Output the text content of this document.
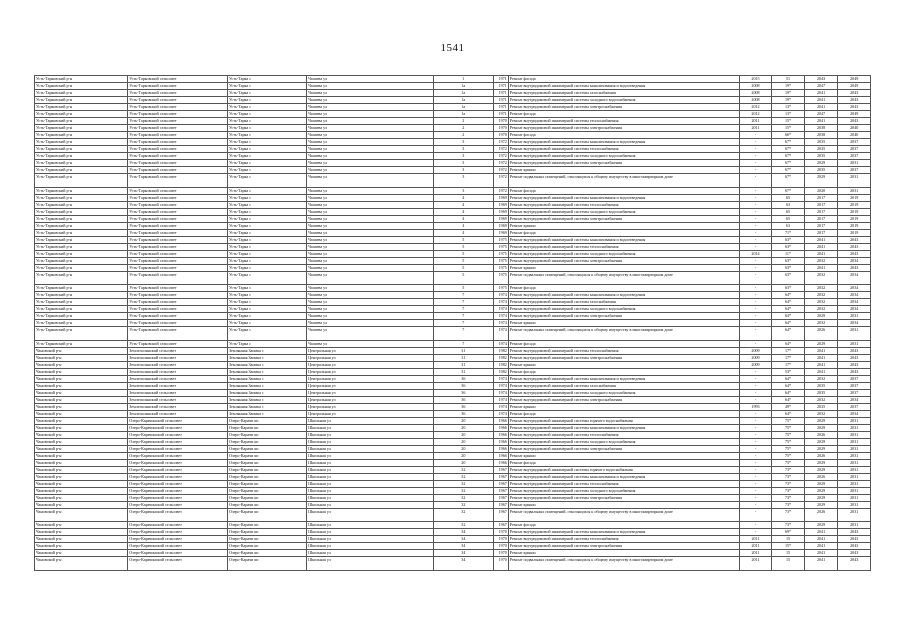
1541
Усть-Тарковский р-н	Усть-Тарковский сельсовет	Усть-Тарка с	Чапаева ул	1	1971	Ремонт фасада	2015	51	2043	2049
Усть-Тарковский р-н	Усть-Тарковский сельсовет	Усть-Тарка с	Чапаева ул	1а	1971	Ремонт внутридомовой инженерной системы канализования и водоотведения	2008	19*	2047	2049
Усть-Тарковский р-н	Усть-Тарковский сельсовет	Усть-Тарка с	Чапаева ул	1а	1971	Ремонт внутридомовой инженерной системы газоснабжения	2008	19*	2041	2043
Усть-Тарковский р-н	Усть-Тарковский сельсовет	Усть-Тарка с	Чапаева ул	1а	1971	Ремонт внутридомовой инженерной системы холодного водоснабжения	2008	19*	2041	2043
Усть-Тарковский р-н	Усть-Тарковский сельсовет	Усть-Тарка с	Чапаева ул	1а	1971	Ремонт внутридомовой инженерной системы электроснабжения	2012	13*	2041	2043
Усть-Тарковский р-н	Усть-Тарковский сельсовет	Усть-Тарка с	Чапаева ул	1а	1971	Ремонт фасада	2012	13*	2047	2049
Усть-Тарковский р-н	Усть-Тарковский сельсовет	Усть-Тарка с	Чапаева ул	2	1970	Ремонт внутридомовой инженерной системы теплоснабжения	2011	15*	2041	2043
Усть-Тарковский р-н	Усть-Тарковский сельсовет	Усть-Тарка с	Чапаева ул	2	1970	Ремонт внутридомовой инженерной системы электроснабжения	2011	15*	2038	2040
Усть-Тарковский р-н	Усть-Тарковский сельсовет	Усть-Тарка с	Чапаева ул	2	1970	Ремонт фасада	-	66*	2038	2040
Усть-Тарковский р-н	Усть-Тарковский сельсовет	Усть-Тарка с	Чапаева ул	3	1972	Ремонт внутридомовой инженерной системы канализования и водоотведения	-	67*	2035	2037
Усть-Тарковский р-н	Усть-Тарковский сельсовет	Усть-Тарка с	Чапаева ул	3	1972	Ремонт внутридомовой инженерной системы теплоснабжения	-	67*	2035	2037
Усть-Тарковский р-н	Усть-Тарковский сельсовет	Усть-Тарка с	Чапаева ул	3	1972	Ремонт внутридомовой инженерной системы холодного водоснабжения	-	67*	2035	2037
Усть-Тарковский р-н	Усть-Тарковский сельсовет	Усть-Тарка с	Чапаева ул	3	1972	Ремонт внутридомовой инженерной системы электроснабжения	-	67*	2029	2031
Усть-Тарковский р-н	Усть-Тарковский сельсовет	Усть-Тарка с	Чапаева ул	3	1972	Ремонт крыши	-	67*	2035	2037
Усть-Тарковский р-н	Усть-Тарковский сельсовет	Усть-Тарка с	Чапаева ул	3	1972	Ремонт подвальных помещений, относящихся к общему имуществу в многоквартирном доме	-	67*	2029	2031
Усть-Тарковский р-н	Усть-Тарковский сельсовет	Усть-Тарка с	Чапаева ул	3	1972	Ремонт фасада	-	67*	2020	2031
Усть-Тарковский р-н	Усть-Тарковский сельсовет	Усть-Тарка с	Чапаева ул	4	1969	Ремонт внутридомовой инженерной системы канализования и водоотведения	-	65	2017	2019
Усть-Тарковский р-н	Усть-Тарковский сельсовет	Усть-Тарка с	Чапаева ул	4	1969	Ремонт внутридомовой инженерной системы теплоснабжения	-	63	2017	2019
Усть-Тарковский р-н	Усть-Тарковский сельсовет	Усть-Тарка с	Чапаева ул	4	1969	Ремонт внутридомовой инженерной системы холодного водоснабжения	-	65	2017	2019
Усть-Тарковский р-н	Усть-Тарковский сельсовет	Усть-Тарка с	Чапаева ул	4	1969	Ремонт внутридомовой инженерной системы электроснабжения	-	65	2017	2019
Усть-Тарковский р-н	Усть-Тарковский сельсовет	Усть-Тарка с	Чапаева ул	4	1969	Ремонт крыши	-	63	2017	2019
Усть-Тарковский р-н	Усть-Тарковский сельсовет	Усть-Тарка с	Чапаева ул	4	1969	Ремонт фасада	-	71*	2017	2019
Усть-Тарковский р-н	Усть-Тарковский сельсовет	Усть-Тарка с	Чапаева ул	5	1975	Ремонт внутридомовой инженерной системы канализования и водоотведения	-	63*	2041	2043
Усть-Тарковский р-н	Усть-Тарковский сельсовет	Усть-Тарка с	Чапаева ул	5	1975	Ремонт внутридомовой инженерной системы теплоснабжения	-	63*	2041	2043
Усть-Тарковский р-н	Усть-Тарковский сельсовет	Усть-Тарка с	Чапаева ул	5	1975	Ремонт внутридомовой инженерной системы холодного водоснабжения	2014	11*	2041	2043
Усть-Тарковский р-н	Усть-Тарковский сельсовет	Усть-Тарка с	Чапаева ул	5	1975	Ремонт внутридомовой инженерной системы электроснабжения	-	63*	2032	2034
Усть-Тарковский р-н	Усть-Тарковский сельсовет	Усть-Тарка с	Чапаева ул	5	1975	Ремонт крыши	-	63*	2041	2043
Усть-Тарковский р-н	Усть-Тарковский сельсовет	Усть-Тарка с	Чапаева ул	5	1975	Ремонт подвальных помещений, относящихся к общему имуществу в многоквартирном доме	-	63*	2032	2034
Усть-Тарковский р-н	Усть-Тарковский сельсовет	Усть-Тарка с	Чапаева ул	5	1975	Ремонт фасада	-	63*	2032	2034
Усть-Тарковский р-н	Усть-Тарковский сельсовет	Усть-Тарка с	Чапаева ул	7	1974	Ремонт внутридомовой инженерной системы канализования и водоотведения	-	64*	2032	2034
Усть-Тарковский р-н	Усть-Тарковский сельсовет	Усть-Тарка с	Чапаева ул	7	1974	Ремонт внутридомовой инженерной системы газоснабжения	-	64*	2032	2034
Усть-Тарковский р-н	Усть-Тарковский сельсовет	Усть-Тарка с	Чапаева ул	7	1974	Ремонт внутридомовой инженерной системы холодного водоснабжения	-	64*	2032	2034
Усть-Тарковский р-н	Усть-Тарковский сельсовет	Усть-Тарка с	Чапаева ул	7	1974	Ремонт внутридомовой инженерной системы электроснабжения	-	64*	2029	2031
Усть-Тарковский р-н	Усть-Тарковский сельсовет	Усть-Тарка с	Чапаева ул	7	1974	Ремонт крыши	-	64*	2032	2034
Усть-Тарковский р-н	Усть-Тарковский сельсовет	Усть-Тарка с	Чапаева ул	7	1974	Ремонт подвальных помещений, относящихся к общему имуществу в многоквартирном доме	-	64*	2026	2031
Усть-Тарковский р-н	Усть-Тарковский сельсовет	Усть-Тарка с	Чапаева ул	7	1974	Ремонт фасада	-	64*	2029	2031
Чановский р-н	Землеполянский сельсовет	Землянная Заимка с	Центральная ул	31	1982	Ремонт внутридомовой инженерной системы теплоснабжения	2009	17*	2041	2043
Чановский р-н	Землеполянский сельсовет	Землянная Заимка с	Центральная ул	31	1982	Ремонт внутридомовой инженерной системы электроснабжения	2009	17*	2041	2043
Чановский р-н	Землеполянский сельсовет	Землянная Заимка с	Центральная ул	31	1982	Ремонт крыши	2009	17*	2041	2043
Чановский р-н	Землеполянский сельсовет	Землянная Заимка с	Центральная ул	31	1982	Ремонт фасада	-	53*	2041	2043
Чановский р-н	Землеполянский сельсовет	Землянная Заимка с	Центральная ул	36	1974	Ремонт внутридомовой инженерной системы канализования и водоотведения	-	64*	2032	2037
Чановский р-н	Землеполянский сельсовет	Землянная Заимка с	Центральная ул	36	1974	Ремонт внутридомовой инженерной системы газоснабжения	-	64*	2035	2037
Чановский р-н	Землеполянский сельсовет	Землянная Заимка с	Центральная ул	36	1974	Ремонт внутридомовой инженерной системы холодного водоснабжения	-	64*	2035	2037
Чановский р-н	Землеполянский сельсовет	Землянная Заимка с	Центральная ул	36	1974	Ремонт внутридомовой инженерной системы электроснабжения	-	64*	2032	2034
Чановский р-н	Землеполянский сельсовет	Землянная Заимка с	Центральная ул	36	1974	Ремонт крыши	1993	49*	2035	2037
Чановский р-н	Землеполянский сельсовет	Землянная Заимка с	Центральная ул	36	1974	Ремонт фасада	-	64*	2032	2034
Чановский р-н	Озеро-Карачинский сельсовет	Озеро-Карачи кп	Школьная ул	20	1966	Ремонт внутридомовой инженерной системы горячего водоснабжения	-	75*	2029	2031
Чановский р-н	Озеро-Карачинский сельсовет	Озеро-Карачи кп	Школьная ул	20	1966	Ремонт внутридомовой инженерной системы канализования и водоотведения	-	75*	2029	2031
Чановский р-н	Озеро-Карачинский сельсовет	Озеро-Карачи кп	Школьная ул	20	1966	Ремонт внутридомовой инженерной системы теплоснабжения	-	75*	2026	2031
Чановский р-н	Озеро-Карачинский сельсовет	Озеро-Карачи кп	Школьная ул	20	1966	Ремонт внутридомовой инженерной системы холодного водоснабжения	-	75*	2029	2031
Чановский р-н	Озеро-Карачинский сельсовет	Озеро-Карачи кп	Школьная ул	20	1966	Ремонт внутридомовой инженерной системы электроснабжения	-	75*	2029	2031
Чановский р-н	Озеро-Карачинский сельсовет	Озеро-Карачи кп	Школьная ул	20	1966	Ремонт крыши	-	75*	2026	2031
Чановский р-н	Озеро-Карачинский сельсовет	Озеро-Карачи кп	Школьная ул	20	1966	Ремонт фасада	-	75*	2029	2031
Чановский р-н	Озеро-Карачинский сельсовет	Озеро-Карачи кп	Школьная ул	32	1967	Ремонт внутридомовой инженерной системы горячего водоснабжения	-	73*	2029	2031
Чановский р-н	Озеро-Карачинский сельсовет	Озеро-Карачи кп	Школьная ул	32	1967	Ремонт внутридомовой инженерной системы канализования и водоотведения	-	73*	2026	2031
Чановский р-н	Озеро-Карачинский сельсовет	Озеро-Карачи кп	Школьная ул	32	1967	Ремонт внутридомовой инженерной системы теплоснабжения	-	73*	2029	2031
Чановский р-н	Озеро-Карачинский сельсовет	Озеро-Карачи кп	Школьная ул	32	1967	Ремонт внутридомовой инженерной системы холодного водоснабжения	-	73*	2029	2031
Чановский р-н	Озеро-Карачинский сельсовет	Озеро-Карачи кп	Школьная ул	32	1967	Ремонт внутридомовой инженерной системы электроснабжения	-	73*	2029	2031
Чановский р-н	Озеро-Карачинский сельсовет	Озеро-Карачи кп	Школьная ул	32	1967	Ремонт крыши	-	73*	2029	2031
Чановский р-н	Озеро-Карачинский сельсовет	Озеро-Карачи кп	Школьная ул	32	1967	Ремонт подвальных помещений, относящихся к общему имуществу в многоквартирном доме	-	73*	2026	2031
Чановский р-н	Озеро-Карачинский сельсовет	Озеро-Карачи кп	Школьная ул	32	1967	Ремонт фасада	-	73*	2029	2031
Чановский р-н	Озеро-Карачинский сельсовет	Озеро-Карачи кп	Школьная ул	34	1970	Ремонт внутридомовой инженерной системы канализования и водоотведения	-	69*	2041	2043
Чановский р-н	Озеро-Карачинский сельсовет	Озеро-Карачи кп	Школьная ул	34	1970	Ремонт внутридомовой инженерной системы теплоснабжения	2011	15	2041	2043
Чановский р-н	Озеро-Карачинский сельсовет	Озеро-Карачи кп	Школьная ул	34	1970	Ремонт внутридомовой инженерной системы электроснабжения	2011	15*	2041	2043
Чановский р-н	Озеро-Карачинский сельсовет	Озеро-Карачи кп	Школьная ул	34	1970	Ремонт крыши	2011	15	2041	2043
Чановский р-н	Озеро-Карачинский сельсовет	Озеро-Карачи кп	Школьная ул	34	1970	Ремонт подвальных помещений, относящихся к общему имуществу в многоквартирном доме	2011	15	2041	2043
